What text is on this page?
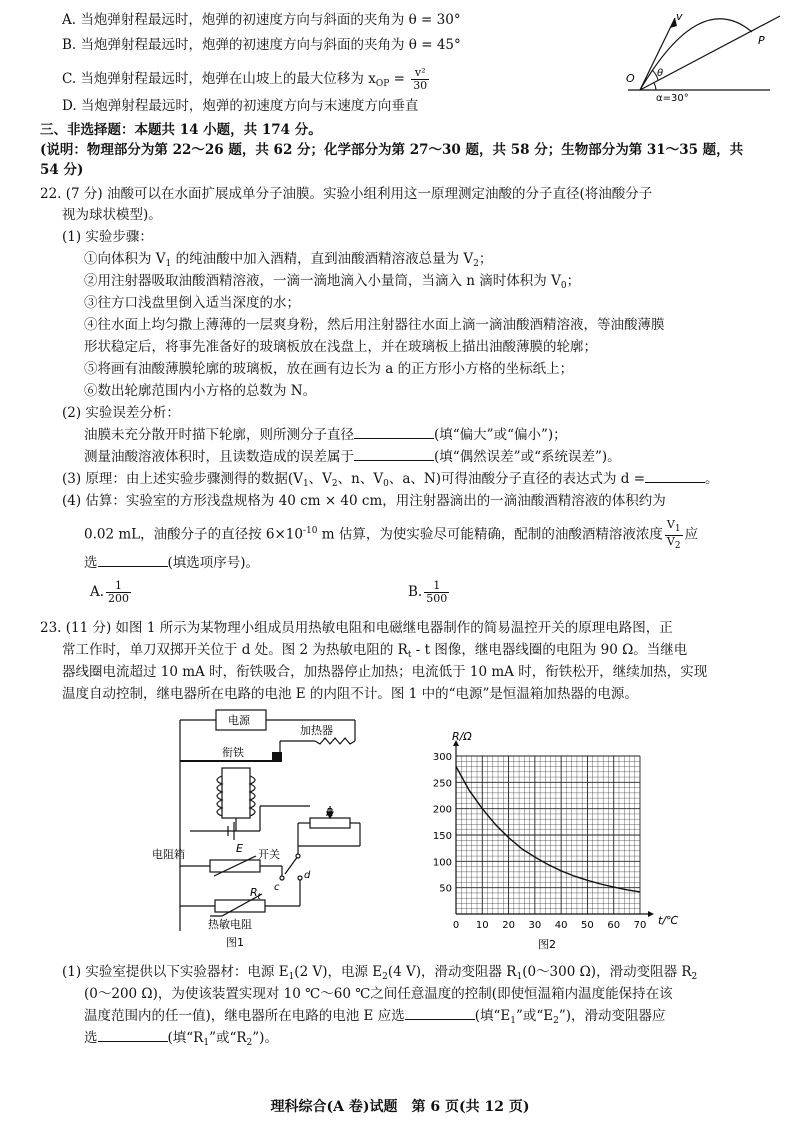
A. 当炮弹射程最远时，炮弹的初速度方向与斜面的夹角为 θ = 30°
B. 当炮弹射程最远时，炮弹的初速度方向与斜面的夹角为 θ = 45°
C. 当炮弹射程最远时，炮弹在山坡上的最大位移为 $x_{OP} = \frac{\text{v²}}{30}$
D. 当炮弹射程最远时，炮弹的初速度方向与末速度方向垂直
v
P
O θ
α=30°
三、非选择题：本题共 14 小题，共 174 分。
(说明：物理部分为第 22～26 题，共 62 分；化学部分为第 27～30 题，共 58 分；生物部分为第 31～35 题，共
54 分)
22. (7 分) 油酸可以在水面扩展成单分子油膜。实验小组利用这一原理测定油酸的分子直径(将油酸分子
视为球状模型)。
(1) 实验步骤：
①向体积为 $V_1$ 的纯油酸中加入酒精，直到油酸酒精溶液总量为 $V_2$；
②用注射器吸取油酸酒精溶液，一滴一滴地滴入小量筒，当滴入 n 滴时体积为 $V_0$；
③往方口浅盘里倒入适当深度的水；
④往水面上均匀撒上薄薄的一层爽身粉，然后用注射器往水面上滴一滴油酸酒精溶液，等油酸薄膜
形状稳定后，将事先准备好的玻璃板放在浅盘上，并在玻璃板上描出油酸薄膜的轮廓；
⑤将画有油酸薄膜轮廓的玻璃板，放在画有边长为 a 的正方形小方格的坐标纸上；
⑥数出轮廓范围内小方格的总数为 N。
(2) 实验误差分析：
油膜未充分散开时描下轮廓，则所测分子直径	(填“偏大”或“偏小”)；
测量油酸溶液体积时，且读数造成的误差属于	(填“偶然误差”或“系统误差”)。
(3) 原理：由上述实验步骤测得的数据($V_1$、$V_2$、n、$V_0$、a、N)可得油酸分子直径的表达式为 d =	。
(4) 估算：实验室的方形浅盘规格为 40 cm × 40 cm，用注射器滴出的一滴油酸酒精溶液的体积约为
0.02 mL，油酸分子的直径按 $6\times 10^{-10}$ m 估算，为使实验尽可能精确，配制的油酸酒精溶液浓度 $\frac{V_1}{V_2}$ 应
选	(填选项序号)。
A. $\frac{1}{200}$	B. $\frac{1}{500}$
23. (11 分) 如图 1 所示为某物理小组成员用热敏电阻和电磁继电器制作的简易温控开关的原理电路图，正
常工作时，单刀双掷开关位于 d 处。图 2 为热敏电阻的 $R_t$ - t 图像，继电器线圈的电阻为 90 Ω。当继电
器线圈电流超过 10 mA 时，衔铁吸合，加热器停止加热；电流低于 10 mA 时，衔铁松开，继续加热，实现
温度自动控制，继电器所在电路的电池 E 的内阻不计。图 1 中的“电源”是恒温箱加热器的电源。
电源
加热器
衔铁
R
电阻箱	E 开关
c
d
$R_t$
热敏电阻
图1
0 10 20 30 40 50 60 70
50
100
150
200
250
300
R/Ω
t/℃
图2
(1) 实验室提供以下实验器材：电源 $E_1(2$ V)，电源 $E_2(4$ V)，滑动变阻器 $R_1(0\sim 300$ Ω)，滑动变阻器 $R_2$
(0～200 Ω)，为使该装置实现对 10 ℃～60 ℃之间任意温度的控制(即使恒温箱内温度能保持在该
温度范围内的任一值)，继电器所在电路的电池 E 应选	(填“$E_1$”或“$E_2$”)，滑动变阻器应
选	(填“$R_1$”或“$R_2$”)。
理科综合(A 卷)试题　第 6 页(共 12 页)
